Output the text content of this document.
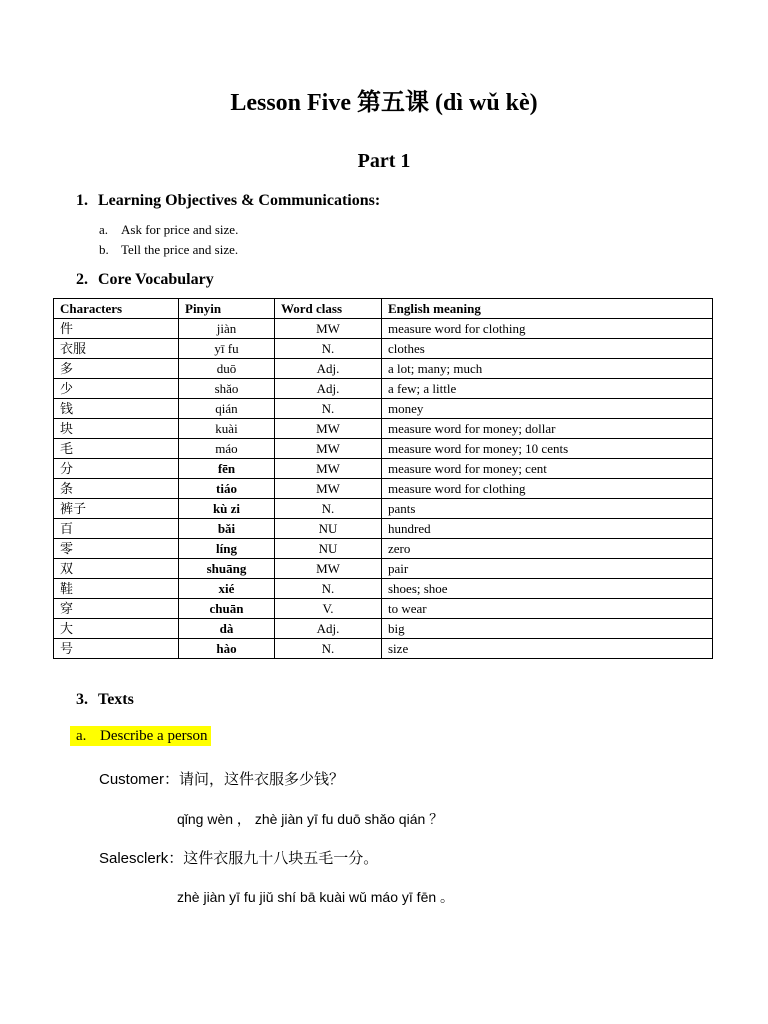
Lesson Five 第五课 (dì wǔ kè)
Part 1
1. Learning Objectives & Communications:
a. Ask for price and size.
b. Tell the price and size.
2. Core Vocabulary
Characters	Pinyin	Word class	English meaning
件	jiàn	MW	measure word for clothing
衣服	yī fu	N.	clothes
多	duō	Adj.	a lot; many; much
少	shǎo	Adj.	a few; a little
钱	qián	N.	money
块	kuài	MW	measure word for money; dollar
毛	máo	MW	measure word for money; 10 cents
分	fēn	MW	measure word for money; cent
条	tiáo	MW	measure word for clothing
裤子	kù zi	N.	pants
百	bǎi	NU	hundred
零	líng	NU	zero
双	shuāng	MW	pair
鞋	xié	N.	shoes; shoe
穿	chuān	V.	to wear
大	dà	Adj.	big
号	hào	N.	size
3. Texts
a. Describe a person
Customer：请问，这件衣服多少钱？
qǐng wèn ， zhè jiàn yī fu duō shǎo qián ？
Salesclerk：这件衣服九十八块五毛一分。
zhè jiàn yī fu jiǔ shí bā kuài wǔ máo yī fēn 。
